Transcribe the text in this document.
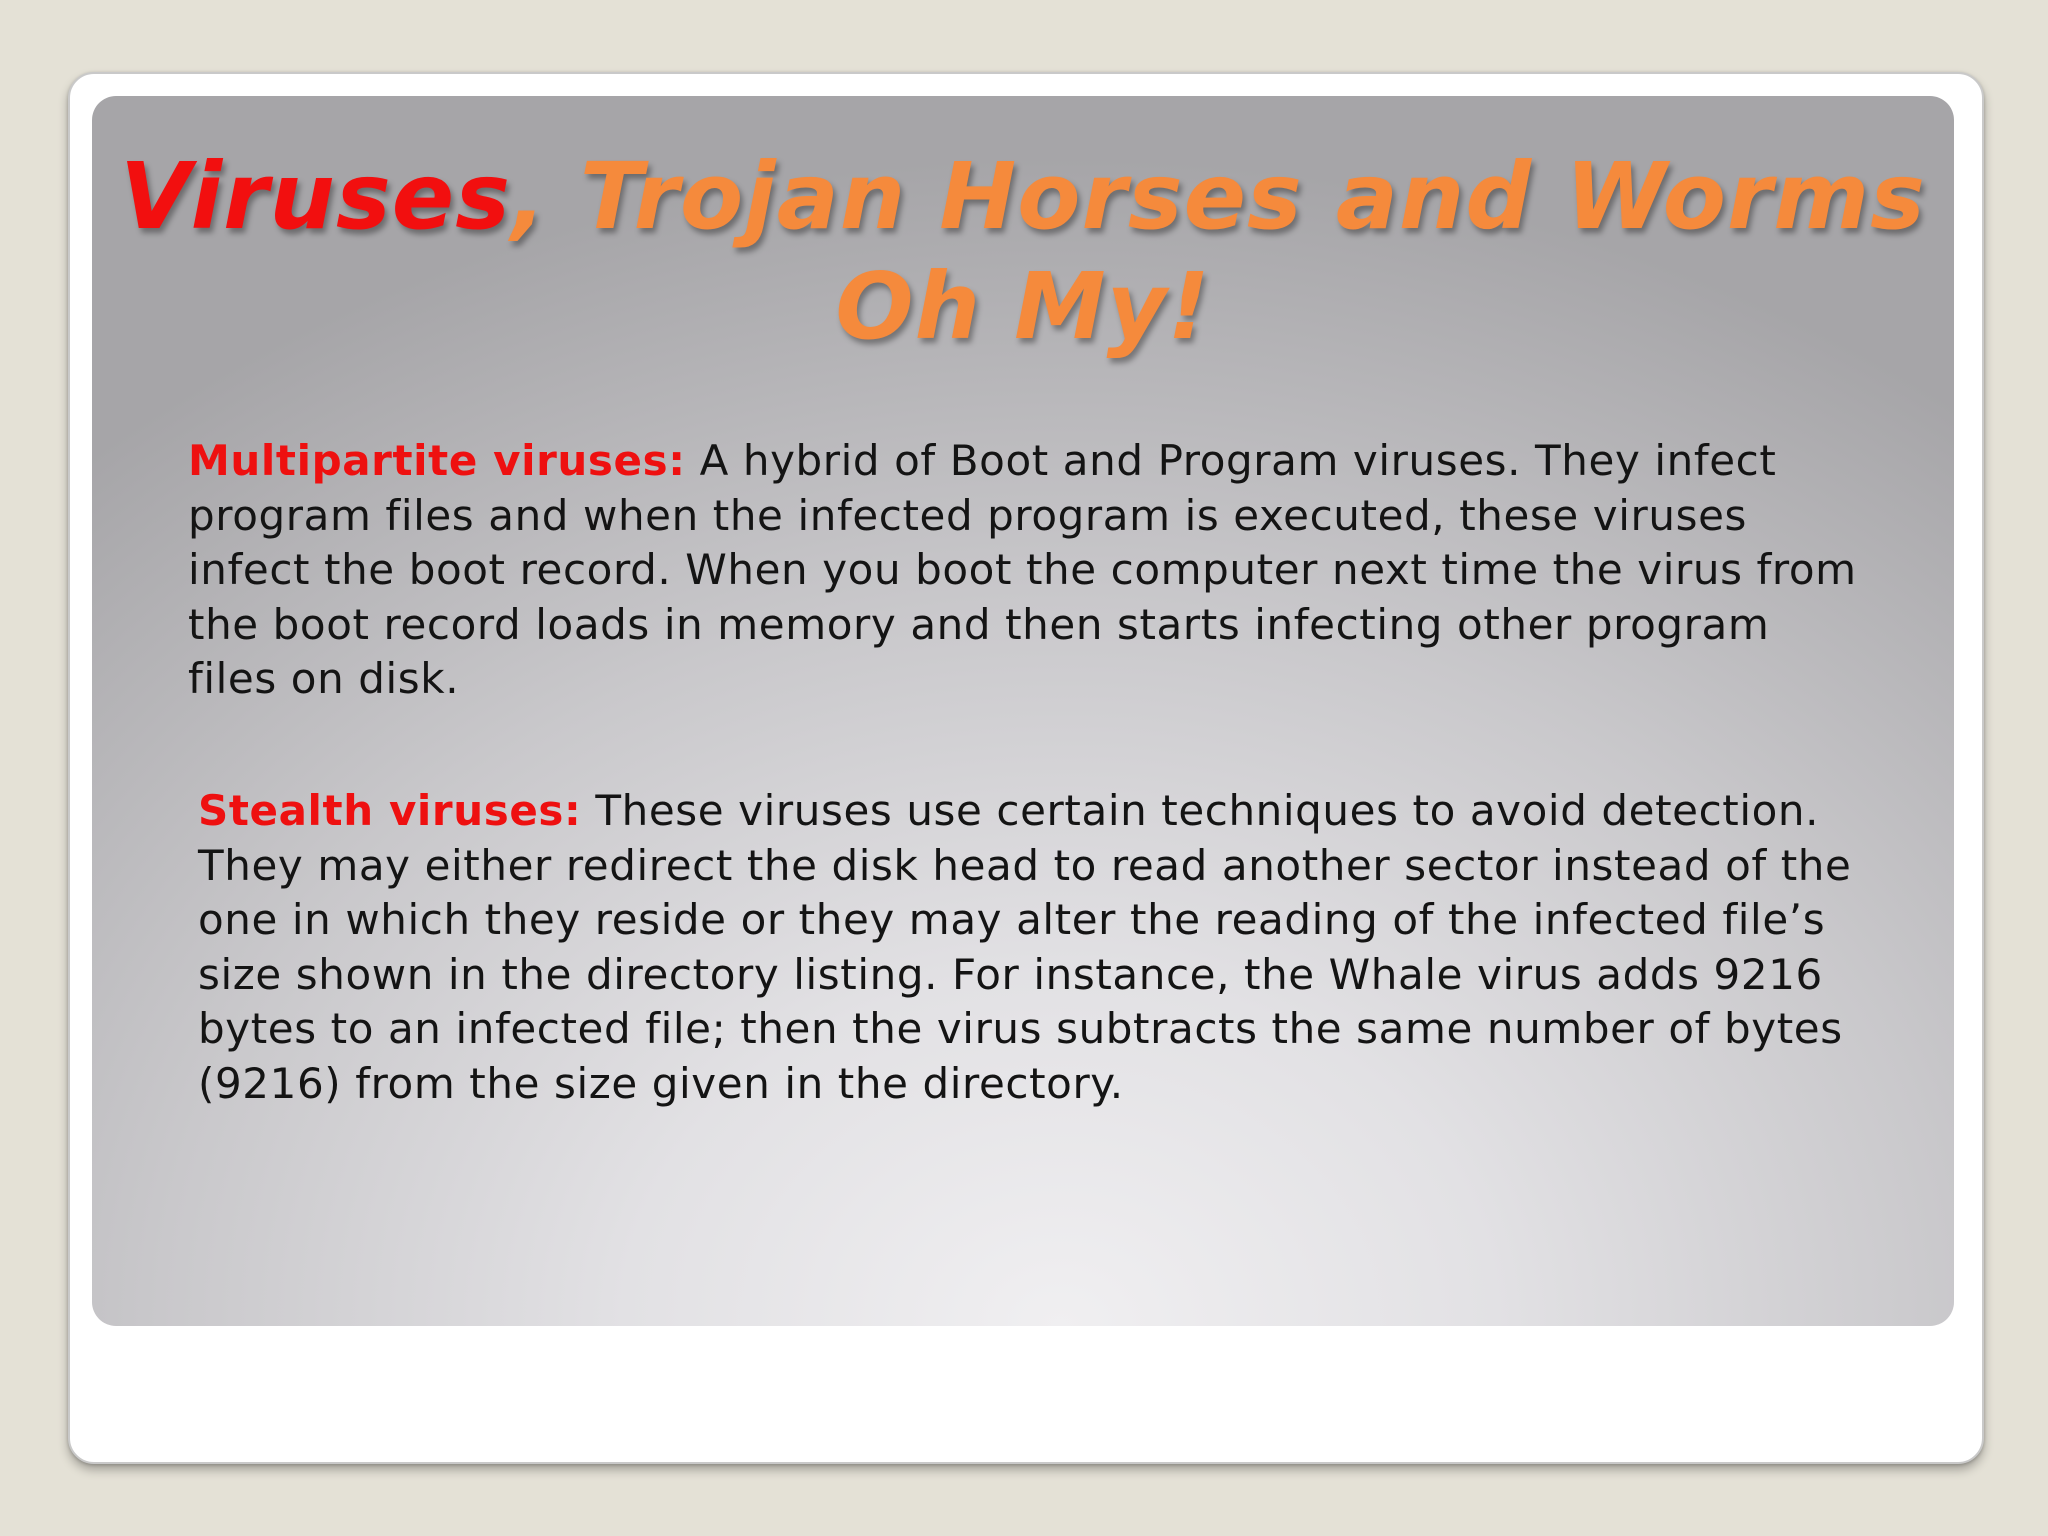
Viruses, Trojan Horses and Worms
Oh My!

Multipartite viruses: A hybrid of Boot and Program viruses. They infect program files and when the infected program is executed, these viruses infect the boot record. When you boot the computer next time the virus from the boot record loads in memory and then starts infecting other program files on disk.

Stealth viruses: These viruses use certain techniques to avoid detection. They may either redirect the disk head to read another sector instead of the one in which they reside or they may alter the reading of the infected file’s size shown in the directory listing. For instance, the Whale virus adds 9216 bytes to an infected file; then the virus subtracts the same number of bytes (9216) from the size given in the directory.
